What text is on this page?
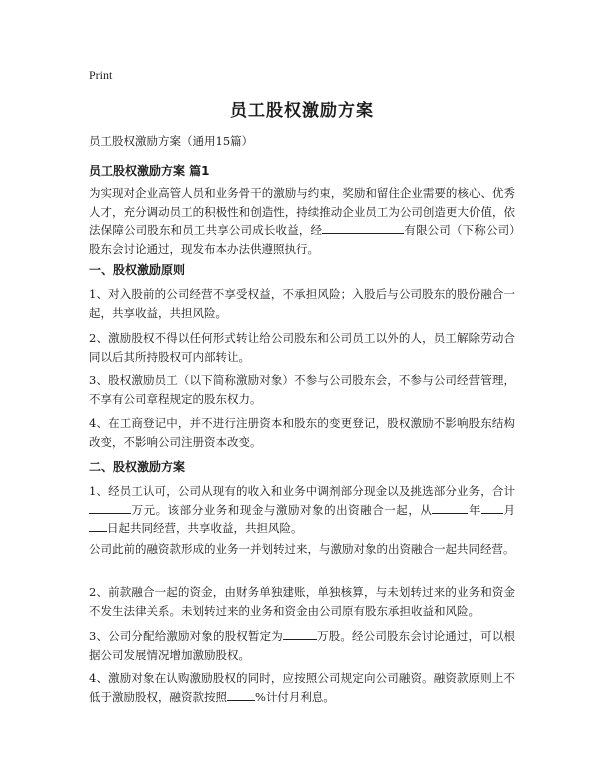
Print
员工股权激励方案
员工股权激励方案（通用15篇）
员工股权激励方案 篇1
为实现对企业高管人员和业务骨干的激励与约束，奖励和留住企业需要的核心、优秀人才，充分调动员工的积极性和创造性，持续推动企业员工为公司创造更大价值，依法保障公司股东和员工共享公司成长收益，经	有限公司（下称公司）股东会讨论通过，现发布本办法供遵照执行。
一、股权激励原则
1、对入股前的公司经营不享受权益，不承担风险；入股后与公司股东的股份融合一起，共享收益，共担风险。
2、激励股权不得以任何形式转让给公司股东和公司员工以外的人，员工解除劳动合同以后其所持股权可内部转让。
3、股权激励员工（以下简称激励对象）不参与公司股东会，不参与公司经营管理，不享有公司章程规定的股东权力。
4、在工商登记中，并不进行注册资本和股东的变更登记，股权激励不影响股东结构改变，不影响公司注册资本改变。
二、股权激励方案
1、经员工认可，公司从现有的收入和业务中调剂部分现金以及挑选部分业务，合计万元。该部分业务和现金与激励对象的出资融合一起，从	年 月日起共同经营，共享收益，共担风险。
公司此前的融资款形成的业务一并划转过来，与激励对象的出资融合一起共同经营。
2、前款融合一起的资金，由财务单独建账，单独核算，与未划转过来的业务和资金不发生法律关系。未划转过来的业务和资金由公司原有股东承担收益和风险。
3、公司分配给激励对象的股权暂定为	万股。经公司股东会讨论通过，可以根据公司发展情况增加激励股权。
4、激励对象在认购激励股权的同时，应按照公司规定向公司融资。融资款原则上不低于激励股权，融资款按照 %计付月利息。
